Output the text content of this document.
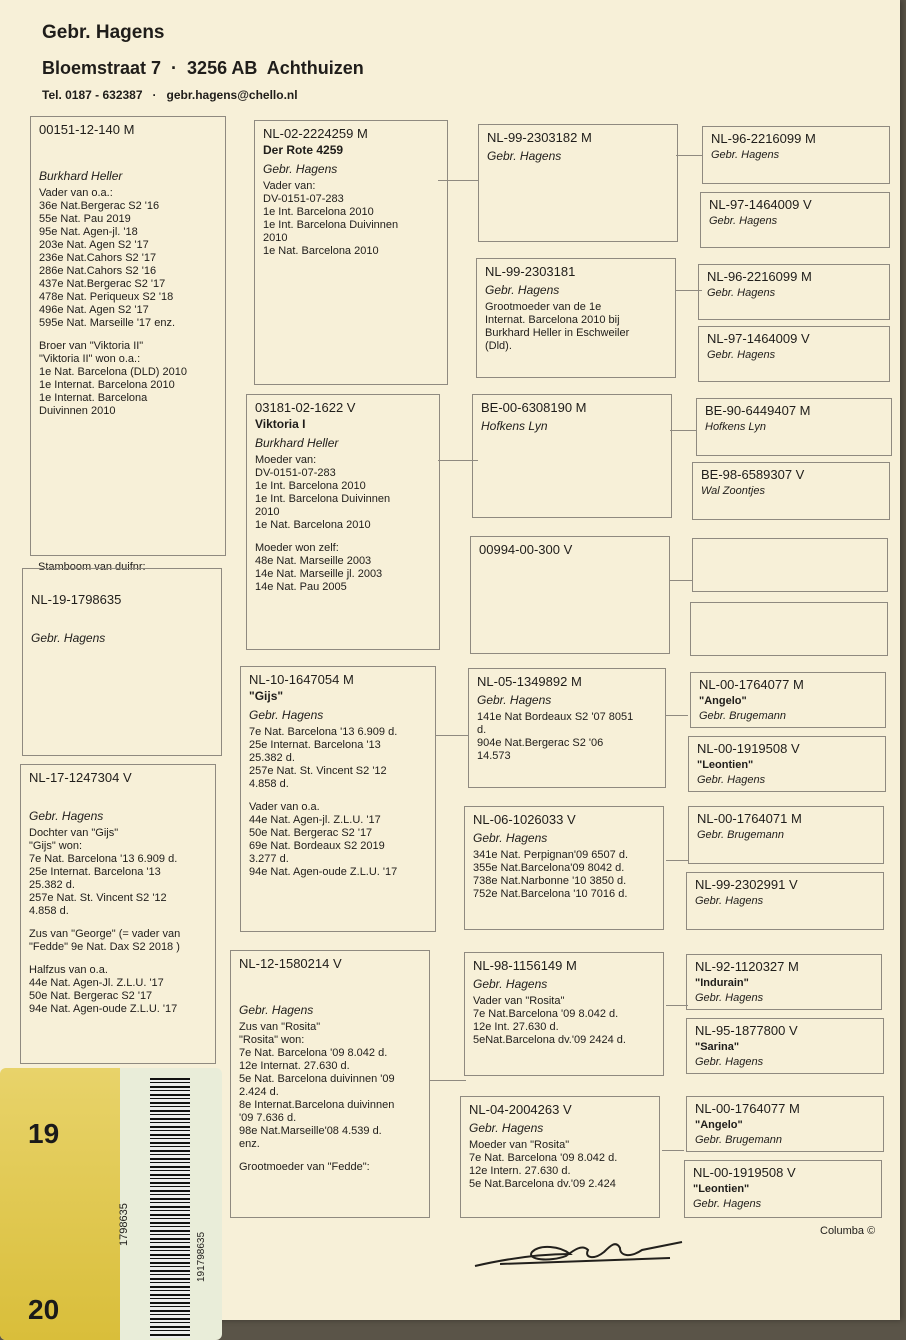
Gebr. Hagens
Bloemstraat 7  ·  3256 AB  Achthuizen
Tel. 0187 - 632387   ·   gebr.hagens@chello.nl
00151-12-140 M
Burkhard Heller
Vader van o.a.:
36e Nat.Bergerac S2 '16
55e Nat. Pau 2019
95e Nat. Agen-jl. '18
203e Nat. Agen S2 '17
236e Nat.Cahors S2 '17
286e Nat.Cahors S2 '16
437e Nat.Bergerac S2 '17
478e Nat. Periqueux S2 '18
496e Nat. Agen S2 '17
595e Nat. Marseille '17 enz.
Broer van "Viktoria II"
"Viktoria II" won o.a.:
1e Nat. Barcelona (DLD) 2010
1e Internat. Barcelona 2010
1e Internat. Barcelona
Duivinnen 2010
Stamboom van duifnr:
NL-19-1798635
Gebr. Hagens
NL-17-1247304 V
Gebr. Hagens
Dochter van "Gijs"
"Gijs" won:
7e Nat. Barcelona '13 6.909 d.
25e Internat. Barcelona '13
25.382 d.
257e Nat. St. Vincent S2 '12
4.858 d.
Zus van "George" (= vader van
"Fedde" 9e Nat. Dax S2 2018 )
Halfzus van o.a.
44e Nat. Agen-Jl. Z.L.U. '17
50e Nat. Bergerac S2 '17
94e Nat. Agen-oude Z.L.U. '17
NL-02-2224259 M
Der Rote 4259
Gebr. Hagens
Vader van:
DV-0151-07-283
1e Int. Barcelona 2010
1e Int. Barcelona Duivinnen
2010
1e Nat. Barcelona 2010
03181-02-1622 V
Viktoria I
Burkhard Heller
Moeder van:
DV-0151-07-283
1e Int. Barcelona 2010
1e Int. Barcelona Duivinnen
2010
1e Nat. Barcelona 2010
Moeder won zelf:
48e Nat. Marseille 2003
14e Nat. Marseille jl. 2003
14e Nat. Pau 2005
NL-10-1647054 M
"Gijs"
Gebr. Hagens
7e Nat. Barcelona '13 6.909 d.
25e Internat. Barcelona '13
25.382 d.
257e Nat. St. Vincent S2 '12
4.858 d.
Vader van o.a.
44e Nat. Agen-jl. Z.L.U. '17
50e Nat. Bergerac S2 '17
69e Nat. Bordeaux S2 2019
3.277 d.
94e Nat. Agen-oude Z.L.U. '17
NL-12-1580214 V
Gebr. Hagens
Zus van "Rosita"
"Rosita" won:
7e Nat. Barcelona '09 8.042 d.
12e Internat. 27.630 d.
5e Nat. Barcelona duivinnen '09
2.424 d.
8e Internat.Barcelona duivinnen
'09 7.636 d.
98e Nat.Marseille'08 4.539 d.
enz.
Grootmoeder van "Fedde":
NL-99-2303182 M
Gebr. Hagens
NL-99-2303181
Gebr. Hagens
Grootmoeder van de 1e
Internat. Barcelona 2010 bij
Burkhard Heller in Eschweiler
(Dld).
BE-00-6308190 M
Hofkens Lyn
00994-00-300 V
NL-05-1349892 M
Gebr. Hagens
141e Nat Bordeaux S2 '07 8051
d.
904e Nat.Bergerac S2 '06
14.573
NL-06-1026033 V
Gebr. Hagens
341e Nat. Perpignan'09 6507 d.
355e Nat.Barcelona'09 8042 d.
738e Nat.Narbonne '10 3850 d.
752e Nat.Barcelona '10 7016 d.
NL-98-1156149 M
Gebr. Hagens
Vader van "Rosita"
7e Nat.Barcelona '09 8.042 d.
12e Int. 27.630 d.
5eNat.Barcelona dv.'09 2424 d.
NL-04-2004263 V
Gebr. Hagens
Moeder van "Rosita"
7e Nat. Barcelona '09 8.042 d.
12e Intern. 27.630 d.
5e Nat.Barcelona dv.'09 2.424
NL-96-2216099 M
Gebr. Hagens
NL-97-1464009 V
Gebr. Hagens
NL-96-2216099 M
Gebr. Hagens
NL-97-1464009 V
Gebr. Hagens
BE-90-6449407 M
Hofkens Lyn
BE-98-6589307 V
Wal Zoontjes
NL-00-1764077 M
"Angelo"
Gebr. Brugemann
NL-00-1919508 V
"Leontien"
Gebr. Hagens
NL-00-1764071 M
Gebr. Brugemann
NL-99-2302991 V
Gebr. Hagens
NL-92-1120327 M
"Indurain"
Gebr. Hagens
NL-95-1877800 V
"Sarina"
Gebr. Hagens
NL-00-1764077 M
"Angelo"
Gebr. Brugemann
NL-00-1919508 V
"Leontien"
Gebr. Hagens
Columba ©
19
20
1798635
191798635
